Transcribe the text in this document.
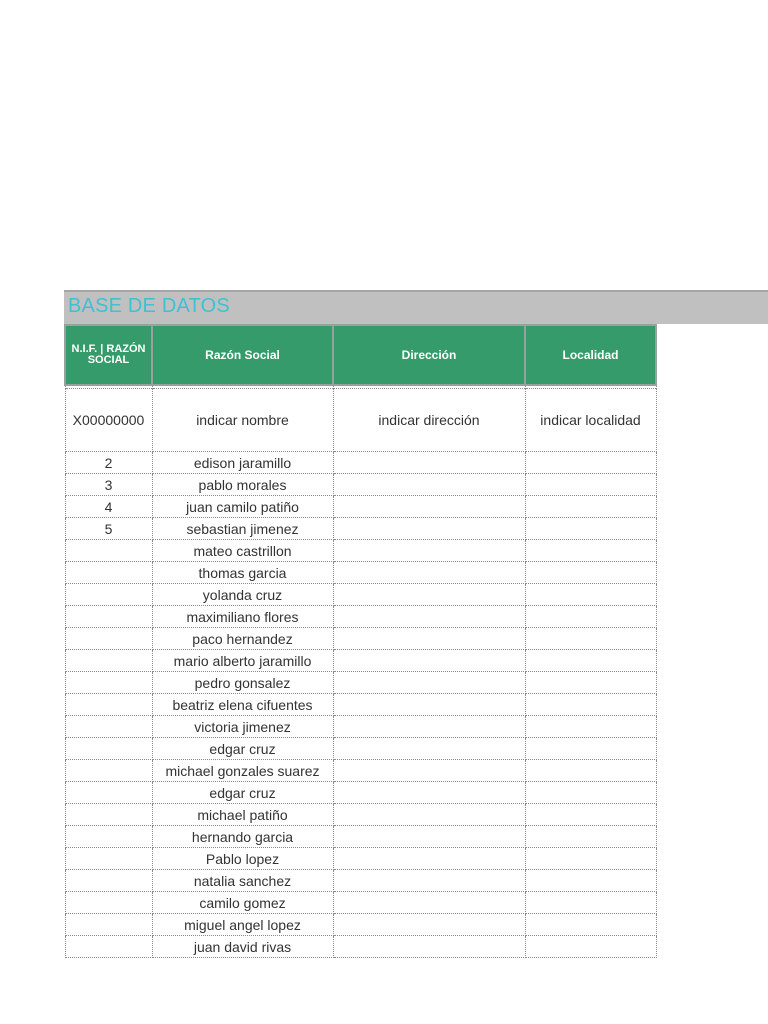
BASE DE DATOS
N.I.F. | RAZÓN SOCIAL	Razón Social	Dirección	Localidad

X00000000	indicar nombre	indicar dirección	indicar localidad
2	edison jaramillo		
3	pablo morales		
4	juan camilo patiño		
5	sebastian jimenez		
	mateo castrillon		
	thomas garcia		
	yolanda cruz		
	maximiliano flores		
	paco hernandez		
	mario alberto jaramillo		
	pedro gonsalez		
	beatriz elena cifuentes		
	victoria jimenez		
	edgar cruz		
	michael gonzales suarez		
	edgar cruz		
	michael patiño		
	hernando garcia		
	Pablo lopez		
	natalia sanchez		
	camilo gomez		
	miguel angel lopez		
	juan david rivas		
